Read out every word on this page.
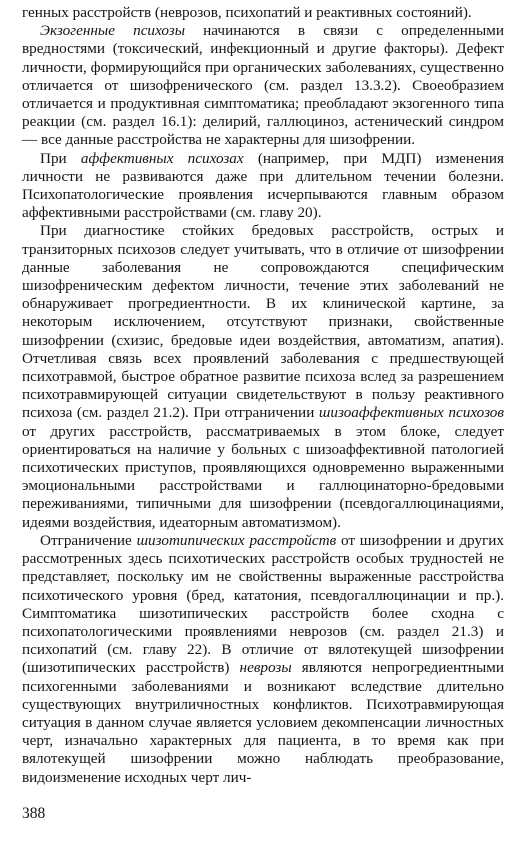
генных расстройств (неврозов, психопатий и реактивных состояний).

Экзогенные психозы начинаются в связи с определенными вредностями (токсический, инфекционный и другие факторы). Дефект личности, формирующийся при органических заболеваниях, существенно отличается от шизофренического (см. раздел 13.3.2). Своеобразием отличается и продуктивная симптоматика; преобладают экзогенного типа реакции (см. раздел 16.1): делирий, галлюциноз, астенический синдром — все данные расстройства не характерны для шизофрении.

При аффективных психозах (например, при МДП) изменения личности не развиваются даже при длительном течении болезни. Психопатологические проявления исчерпываются главным образом аффективными расстройствами (см. главу 20).

При диагностике стойких бредовых расстройств, острых и транзиторных психозов следует учитывать, что в отличие от шизофрении данные заболевания не сопровождаются специфическим шизофреническим дефектом личности, течение этих заболеваний не обнаруживает прогредиентности. В их клинической картине, за некоторым исключением, отсутствуют признаки, свойственные шизофрении (схизис, бредовые идеи воздействия, автоматизм, апатия). Отчетливая связь всех проявлений заболевания с предшествующей психотравмой, быстрое обратное развитие психоза вслед за разрешением психотравмирующей ситуации свидетельствуют в пользу реактивного психоза (см. раздел 21.2). При отграничении шизоаффективных психозов от других расстройств, рассматриваемых в этом блоке, следует ориентироваться на наличие у больных с шизоаффективной патологией психотических приступов, проявляющихся одновременно выраженными эмоциональными расстройствами и галлюцинаторно-бредовыми переживаниями, типичными для шизофрении (псевдогаллюцинациями, идеями воздействия, идеаторным автоматизмом).

Отграничение шизотипических расстройств от шизофрении и других рассмотренных здесь психотических расстройств особых трудностей не представляет, поскольку им не свойственны выраженные расстройства психотического уровня (бред, кататония, псевдогаллюцинации и пр.). Симптоматика шизотипических расстройств более сходна с психопатологическими проявлениями неврозов (см. раздел 21.3) и психопатий (см. главу 22). В отличие от вялотекущей шизофрении (шизотипических расстройств) неврозы являются непрогредиентными психогенными заболеваниями и возникают вследствие длительно существующих внутриличностных конфликтов. Психотравмирующая ситуация в данном случае является условием декомпенсации личностных черт, изначально характерных для пациента, в то время как при вялотекущей шизофрении можно наблюдать преобразование, видоизменение исходных черт лич-

388
